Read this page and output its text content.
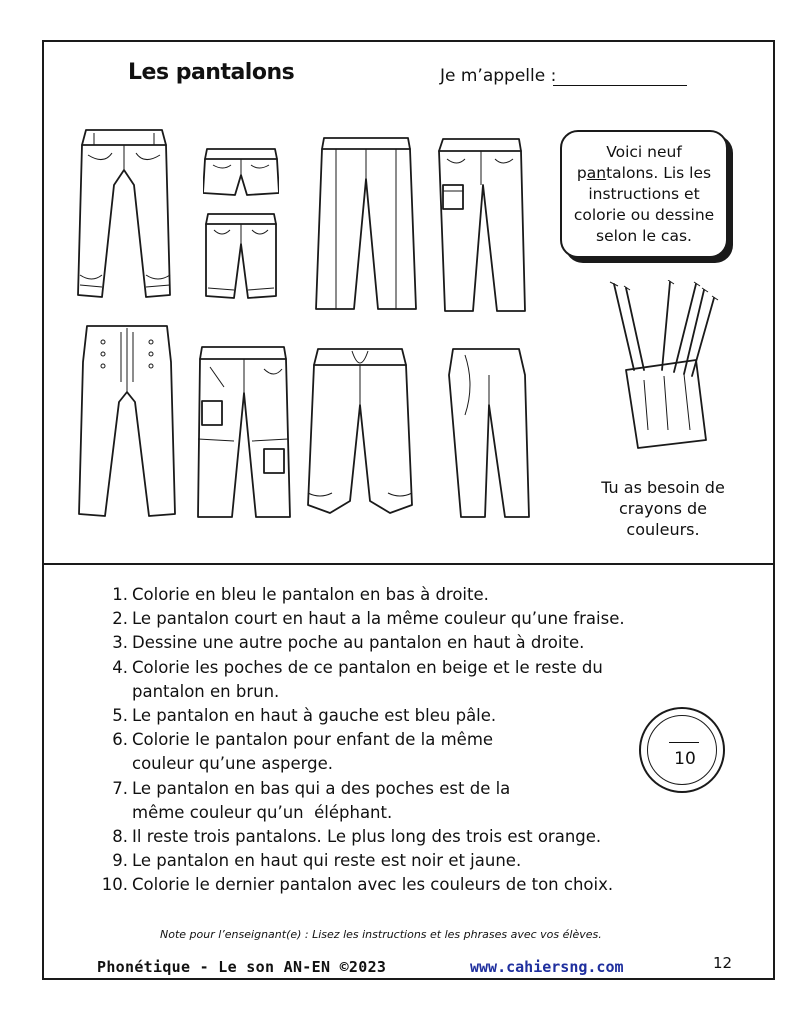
Les pantalons	Je m’appelle :
Voici neuf
pantalons. Lis les
instructions et
colorie ou dessine
selon le cas.
Tu as besoin de crayons de couleurs.
1. Colorie en bleu le pantalon en bas à droite.
2. Le pantalon court en haut a la même couleur qu’une fraise.
3. Dessine une autre poche au pantalon en haut à droite.
4. Colorie les poches de ce pantalon en beige et le reste du
pantalon en brun.
5. Le pantalon en haut à gauche est bleu pâle.
6. Colorie le pantalon pour enfant de la même
couleur qu’une asperge.
7. Le pantalon en bas qui a des poches est de la
même couleur qu’un  éléphant.
8. Il reste trois pantalons. Le plus long des trois est orange.
9. Le pantalon en haut qui reste est noir et jaune.
10. Colorie le dernier pantalon avec les couleurs de ton choix.
10
Note pour l’enseignant(e) : Lisez les instructions et les phrases avec vos élèves.
Phonétique - Le son AN-EN ©2023	www.cahiersng.com	12
